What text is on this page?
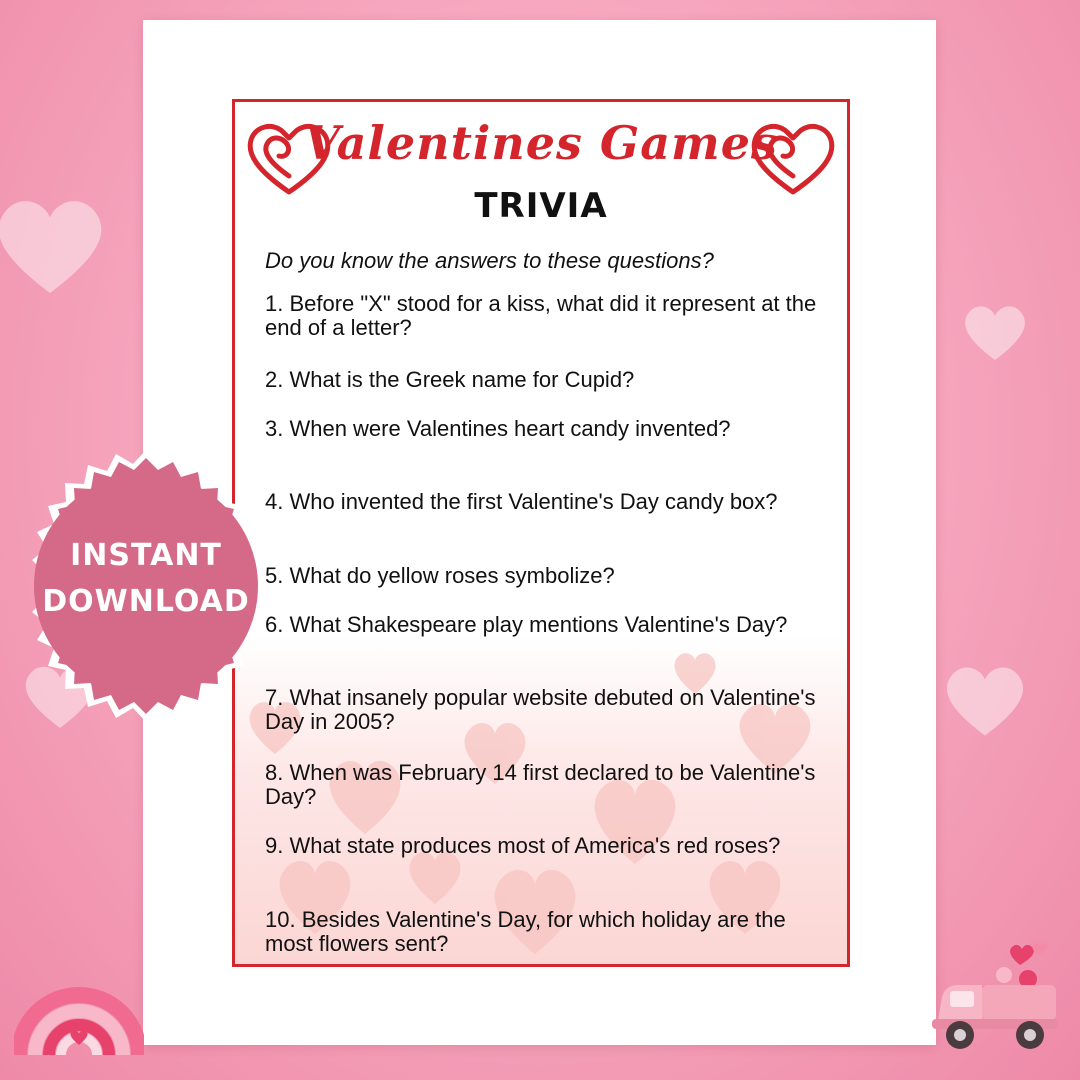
Valentines Games
TRIVIA

Do you know the answers to these questions?

1. Before "X" stood for a kiss, what did it represent at the end of a letter?
2. What is the Greek name for Cupid?
3. When were Valentines heart candy invented?
4. Who invented the first Valentine's Day candy box?
5. What do yellow roses symbolize?
6. What Shakespeare play mentions Valentine's Day?
7. What insanely popular website debuted on Valentine's Day in 2005?
8. When was February 14 first declared to be Valentine's Day?
9. What state produces most of America's red roses?
10. Besides Valentine's Day, for which holiday are the most flowers sent?
INSTANT
DOWNLOAD
